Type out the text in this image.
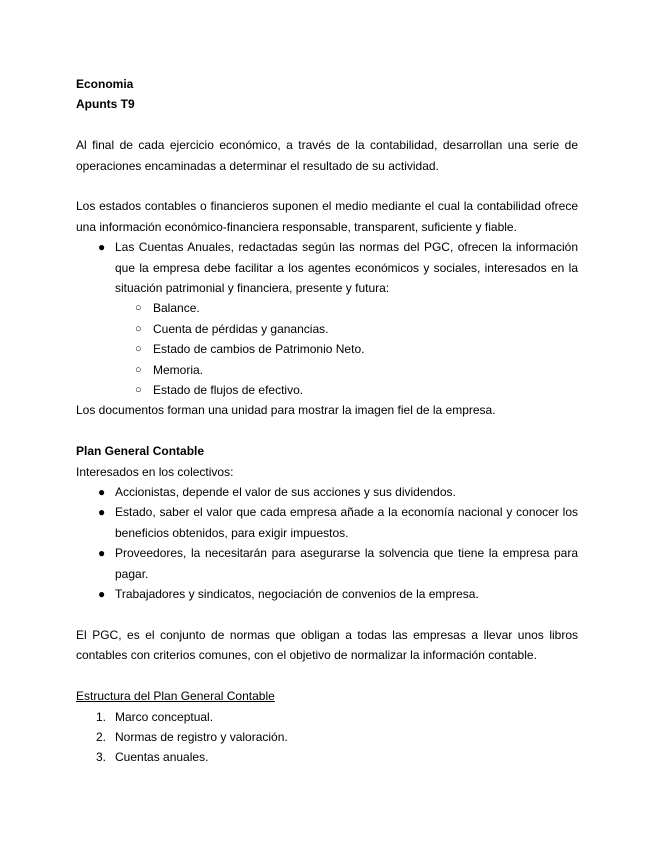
Economia

Apunts T9

Al final de cada ejercicio económico, a través de la contabilidad, desarrollan una serie de operaciones encaminadas a determinar el resultado de su actividad.

Los estados contables o financieros suponen el medio mediante el cual la contabilidad ofrece una información económico-financiera responsable, transparent, suficiente y fiable.

● Las Cuentas Anuales, redactadas según las normas del PGC, ofrecen la información que la empresa debe facilitar a los agentes económicos y sociales, interesados en la situación patrimonial y financiera, presente y futura:
○ Balance.
○ Cuenta de pérdidas y ganancias.
○ Estado de cambios de Patrimonio Neto.
○ Memoria.
○ Estado de flujos de efectivo.

Los documentos forman una unidad para mostrar la imagen fiel de la empresa.

Plan General Contable

Interesados en los colectivos:

● Accionistas, depende el valor de sus acciones y sus dividendos.
● Estado, saber el valor que cada empresa añade a la economía nacional y conocer los beneficios obtenidos, para exigir impuestos.
● Proveedores, la necesitarán para asegurarse la solvencia que tiene la empresa para pagar.
● Trabajadores y sindicatos, negociación de convenios de la empresa.

El PGC, es el conjunto de normas que obligan a todas las empresas a llevar unos libros contables con criterios comunes, con el objetivo de normalizar la información contable.

Estructura del Plan General Contable

1. Marco conceptual.
2. Normas de registro y valoración.
3. Cuentas anuales.
